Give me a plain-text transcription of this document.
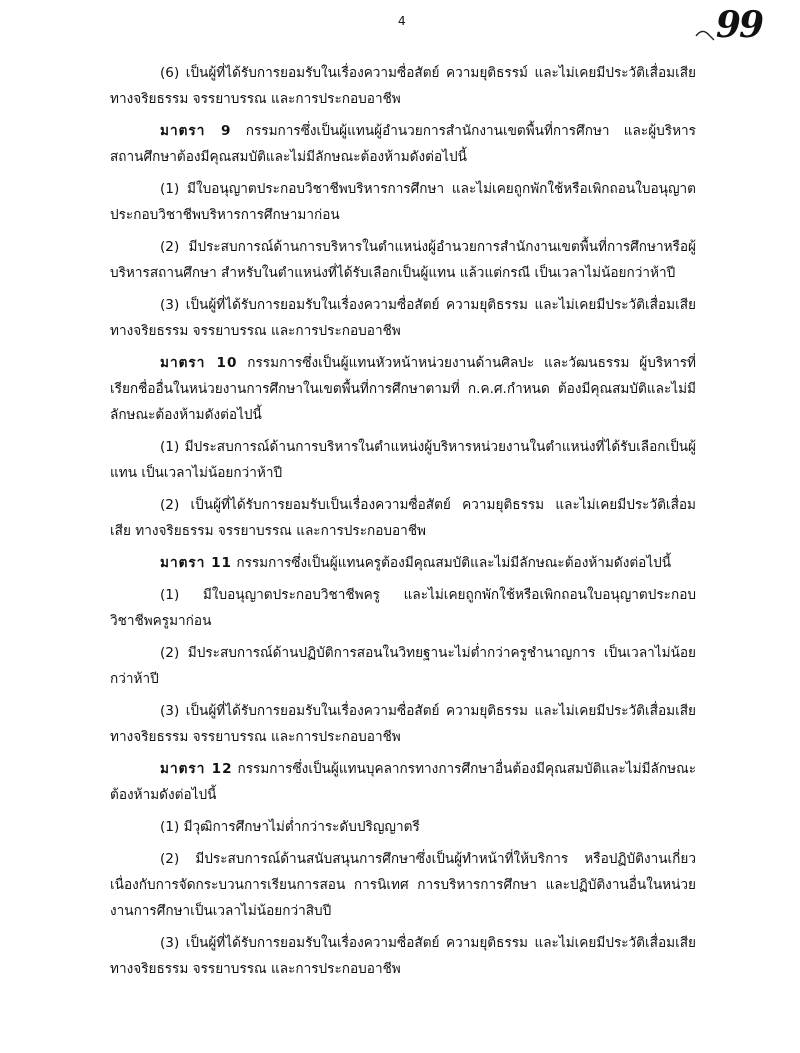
4	99

(6) เป็นผู้ที่ได้รับการยอมรับในเรื่องความซื่อสัตย์ ความยุติธรรม์ และไม่เคยมีประวัติเสื่อมเสียทางจริยธรรม จรรยาบรรณ และการประกอบอาชีพ

มาตรา 9 กรรมการซึ่งเป็นผู้แทนผู้อำนวยการสำนักงานเขตพื้นที่การศึกษา และผู้บริหารสถานศึกษาต้องมีคุณสมบัติและไม่มีลักษณะต้องห้ามดังต่อไปนี้

(1) มีใบอนุญาตประกอบวิชาชีพบริหารการศึกษา และไม่เคยถูกพักใช้หรือเพิกถอนใบอนุญาตประกอบวิชาชีพบริหารการศึกษามาก่อน

(2) มีประสบการณ์ด้านการบริหารในตำแหน่งผู้อำนวยการสำนักงานเขตพื้นที่การศึกษาหรือผู้บริหารสถานศึกษา สำหรับในตำแหน่งที่ได้รับเลือกเป็นผู้แทน แล้วแต่กรณี เป็นเวลาไม่น้อยกว่าห้าปี

(3) เป็นผู้ที่ได้รับการยอมรับในเรื่องความซื่อสัตย์ ความยุติธรรม และไม่เคยมีประวัติเสื่อมเสียทางจริยธรรม จรรยาบรรณ และการประกอบอาชีพ

มาตรา 10 กรรมการซึ่งเป็นผู้แทนหัวหน้าหน่วยงานด้านศิลปะ และวัฒนธรรม ผู้บริหารที่เรียกชื่ออื่นในหน่วยงานการศึกษาในเขตพื้นที่การศึกษาตามที่ ก.ค.ศ.กำหนด ต้องมีคุณสมบัติและไม่มีลักษณะต้องห้ามดังต่อไปนี้

(1) มีประสบการณ์ด้านการบริหารในตำแหน่งผู้บริหารหน่วยงานในตำแหน่งที่ได้รับเลือกเป็นผู้แทน เป็นเวลาไม่น้อยกว่าห้าปี

(2) เป็นผู้ที่ได้รับการยอมรับเป็นเรื่องความซื่อสัตย์ ความยุติธรรม และไม่เคยมีประวัติเสื่อมเสีย ทางจริยธรรม จรรยาบรรณ และการประกอบอาชีพ

มาตรา 11 กรรมการซึ่งเป็นผู้แทนครูต้องมีคุณสมบัติและไม่มีลักษณะต้องห้ามดังต่อไปนี้

(1) มีใบอนุญาตประกอบวิชาชีพครู และไม่เคยถูกพักใช้หรือเพิกถอนใบอนุญาตประกอบวิชาชีพครูมาก่อน

(2) มีประสบการณ์ด้านปฏิบัติการสอนในวิทยฐานะไม่ต่ำกว่าครูชำนาญการ เป็นเวลาไม่น้อยกว่าห้าปี

(3) เป็นผู้ที่ได้รับการยอมรับในเรื่องความซื่อสัตย์ ความยุติธรรม และไม่เคยมีประวัติเสื่อมเสียทางจริยธรรม จรรยาบรรณ และการประกอบอาชีพ

มาตรา 12 กรรมการซึ่งเป็นผู้แทนบุคลากรทางการศึกษาอื่นต้องมีคุณสมบัติและไม่มีลักษณะต้องห้ามดังต่อไปนี้

(1) มีวุฒิการศึกษาไม่ต่ำกว่าระดับปริญญาตรี

(2) มีประสบการณ์ด้านสนับสนุนการศึกษาซึ่งเป็นผู้ทำหน้าที่ให้บริการ หรือปฏิบัติงานเกี่ยวเนื่องกับการจัดกระบวนการเรียนการสอน การนิเทศ การบริหารการศึกษา และปฏิบัติงานอื่นในหน่วยงานการศึกษาเป็นเวลาไม่น้อยกว่าสิบปี

(3) เป็นผู้ที่ได้รับการยอมรับในเรื่องความซื่อสัตย์ ความยุติธรรม และไม่เคยมีประวัติเสื่อมเสียทางจริยธรรม จรรยาบรรณ และการประกอบอาชีพ
